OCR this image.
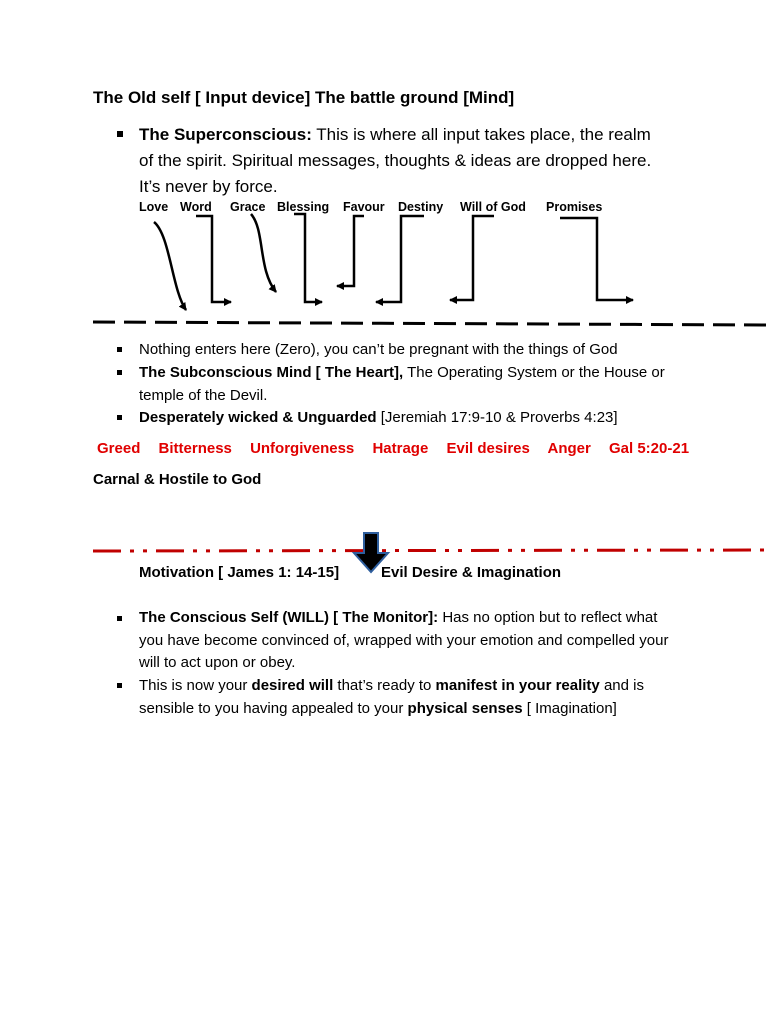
The Old self [ Input device] The battle ground [Mind]
The Superconscious: This is where all input takes place, the realm of the spirit. Spiritual messages, thoughts & ideas are dropped here. It’s never by force.
Love Word Grace Blessing Favour Destiny Will of God Promises
Nothing enters here (Zero), you can’t be pregnant with the things of God
The Subconscious Mind [ The Heart], The Operating System or the House or temple of the Devil.
Desperately wicked & Unguarded [Jeremiah 17:9-10 & Proverbs 4:23]
Greed Bitterness Unforgiveness Hatrage Evil desires Anger Gal 5:20-21
Carnal & Hostile to God
Motivation [ James 1: 14-15]	Evil Desire & Imagination
The Conscious Self (WILL) [ The Monitor]: Has no option but to reflect what you have become convinced of, wrapped with your emotion and compelled your will to act upon or obey.
This is now your desired will that’s ready to manifest in your reality and is sensible to you having appealed to your physical senses [ Imagination]
